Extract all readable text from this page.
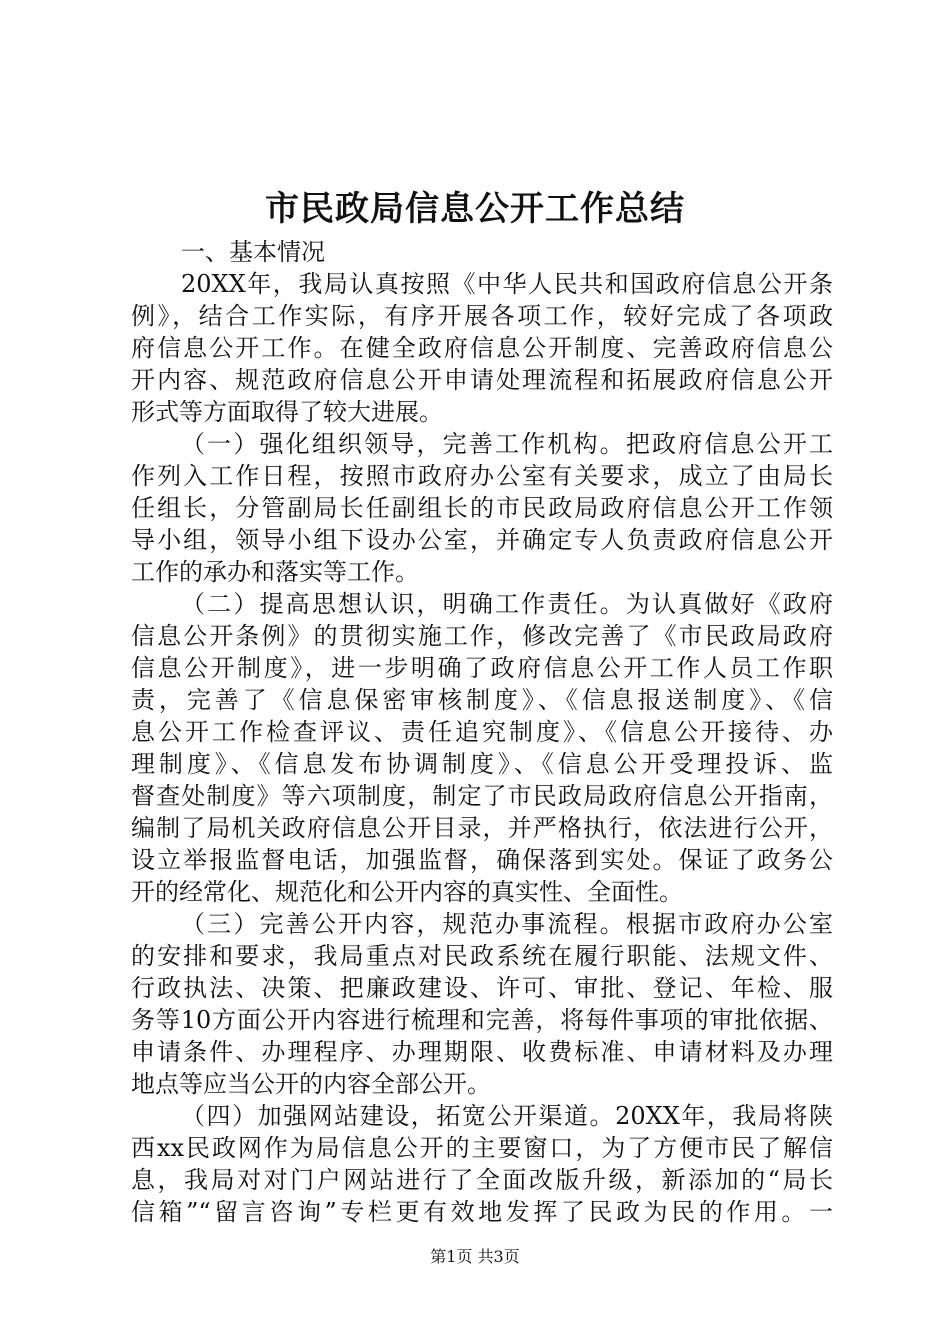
市民政局信息公开工作总结

一、基本情况

20XX年，我局认真按照《中华人民共和国政府信息公开条

例》，结合工作实际，有序开展各项工作，较好完成了各项政

府信息公开工作。在健全政府信息公开制度、完善政府信息公

开内容、规范政府信息公开申请处理流程和拓展政府信息公开

形式等方面取得了较大进展。

（一）强化组织领导，完善工作机构。把政府信息公开工

作列入工作日程，按照市政府办公室有关要求，成立了由局长

任组长，分管副局长任副组长的市民政局政府信息公开工作领

导小组，领导小组下设办公室，并确定专人负责政府信息公开

工作的承办和落实等工作。

（二）提高思想认识，明确工作责任。为认真做好《政府

信息公开条例》的贯彻实施工作，修改完善了《市民政局政府

信息公开制度》，进一步明确了政府信息公开工作人员工作职

责，完善了《信息保密审核制度》、《信息报送制度》、《信

息公开工作检查评议、责任追究制度》、《信息公开接待、办

理制度》、《信息发布协调制度》、《信息公开受理投诉、监

督查处制度》等六项制度，制定了市民政局政府信息公开指南，

编制了局机关政府信息公开目录，并严格执行，依法进行公开，

设立举报监督电话，加强监督，确保落到实处。保证了政务公

开的经常化、规范化和公开内容的真实性、全面性。

（三）完善公开内容，规范办事流程。根据市政府办公室

的安排和要求，我局重点对民政系统在履行职能、法规文件、

行政执法、决策、把廉政建设、许可、审批、登记、年检、服

务等10方面公开内容进行梳理和完善，将每件事项的审批依据、

申请条件、办理程序、办理期限、收费标准、申请材料及办理

地点等应当公开的内容全部公开。

（四）加强网站建设，拓宽公开渠道。20XX年，我局将陕

西xx民政网作为局信息公开的主要窗口，为了方便市民了解信

息，我局对对门户网站进行了全面改版升级，新添加的“局长

信箱”“留言咨询”专栏更有效地发挥了民政为民的作用。一

第1页 共3页
